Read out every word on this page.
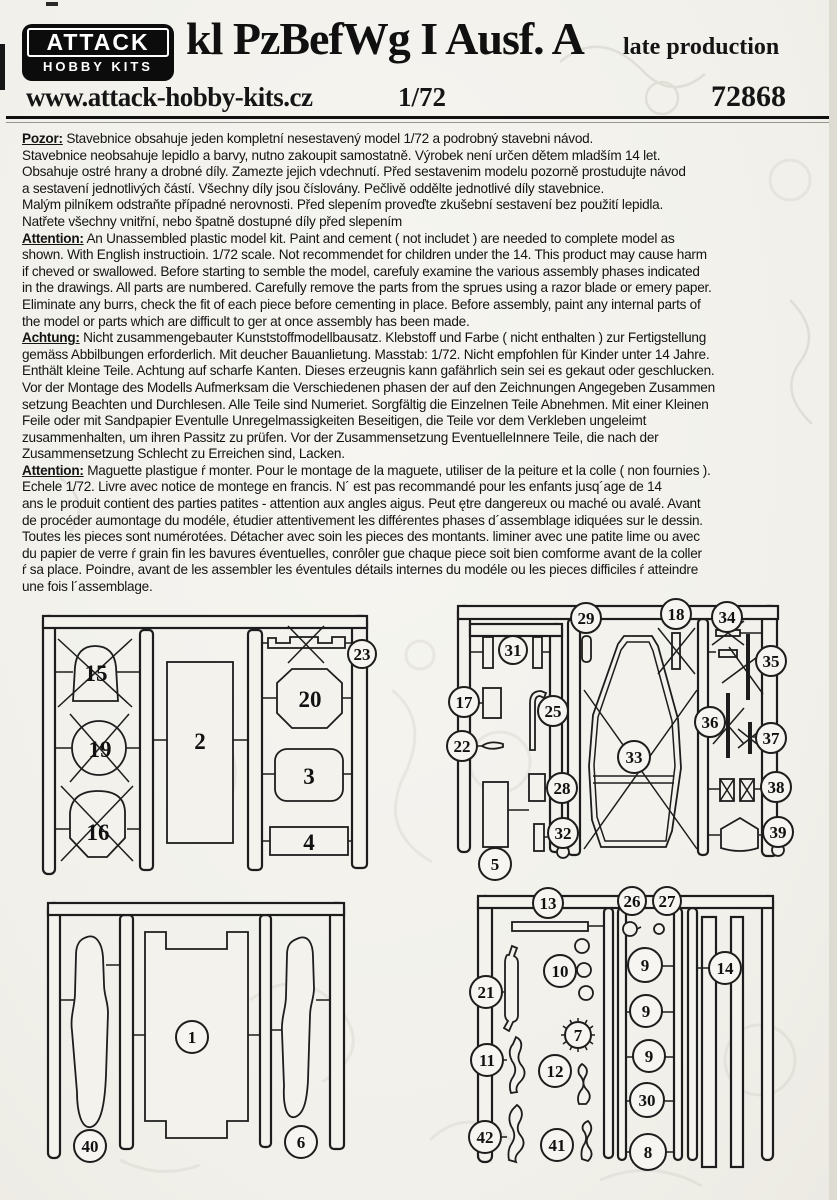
ATTACK
HOBBY KITS
kl PzBefWg I Ausf. A late production
www.attack-hobby-kits.cz	1/72	72868
Pozor: Stavebnice obsahuje jeden kompletní nesestavený model 1/72 a podrobný stavebni návod.
Stavebnice neobsahuje lepidlo a barvy, nutno zakoupit samostatně. Výrobek není určen dětem mladším 14 let.
Obsahuje ostré hrany a drobné díly. Zamezte jejich vdechnutí. Před sestavenim modelu pozorně prostudujte návod
a sestavení jednotlivých částí. Všechny díly jsou číslovány. Pečlivě oddělte jednotlivé díly stavebnice.
Malým pilníkem odstraňte případné nerovnosti. Před slepením proveďte zkušební sestavení bez použití lepidla.
Natřete všechny vnitřní, nebo špatně dostupné díly před slepením
Attention: An Unassembled plastic model kit. Paint and cement ( not includet ) are needed to complete model as
shown. With English instructioin. 1/72 scale. Not recommendet for children under the 14. This product may cause harm
if cheved or swallowed. Before starting to semble the model, carefuly examine the various assembly phases indicated
in the drawings. All parts are numbered. Carefully remove the parts from the sprues using a razor blade or emery paper.
Eliminate any burrs, check the fit of each piece before cementing in place. Before assembly, paint any internal parts of
the model or parts which are difficult to ger at once assembly has been made.
Achtung: Nicht zusammengebauter Kunststoffmodellbausatz. Klebstoff und Farbe ( nicht enthalten ) zur Fertigstellung
gemäss Abbilbungen erforderlich. Mit deucher Bauanlietung. Masstab: 1/72. Nicht empfohlen für Kinder unter 14 Jahre.
Enthält kleine Teile. Achtung auf scharfe Kanten. Dieses erzeugnis kann gafährlich sein sei es gekaut oder geschlucken.
Vor der Montage des Modells Aufmerksam die Verschiedenen phasen der auf den Zeichnungen Angegeben Zusammen
setzung Beachten und Durchlesen. Alle Teile sind Numeriet. Sorgfältig die Einzelnen Teile Abnehmen. Mit einer Kleinen
Feile oder mit Sandpapier Eventulle Unregelmassigkeiten Beseitigen, die Teile vor dem Verkleben ungeleimt
zusammenhalten, um ihren Passitz zu prüfen. Vor der Zusammensetzung EventuelleInnere Teile, die nach der
Zusammensetzung Schlecht zu Erreichen sind, Lacken.
Attention: Maguette plastigue ŕ monter. Pour le montage de la maguete, utiliser de la peiture et la colle ( non fournies ).
Echele 1/72. Livre avec notice de montege en francis. N´ est pas recommandé pour les enfants jusq´age de 14
ans le produit contient des parties patites - attention aux angles aigus. Peut ętre dangereux ou maché ou avalé. Avant
de procéder aumontage du modéle, étudier attentivement les différentes phases d´assemblage idiquées sur le dessin.
Toutes les pieces sont numérotées. Détacher avec soin les pieces des montants. liminer avec une patite lime ou avec
du papier de verre ŕ grain fin les bavures éventuelles, conrôler gue chaque piece soit bien comforme avant de la coller
ŕ sa place. Poindre, avant de les assembler les éventules détails internes du modéle ou les pieces difficiles ŕ atteindre
une fois l´assemblage.
15
19
16
2
23
20
3
4
40
1
6
31
17	25
22
5
28
32
29
33
18 34
35
36
37
38
39
13	26 27
21
10
7
11
12
42	41
9
9
9
30
8
14
